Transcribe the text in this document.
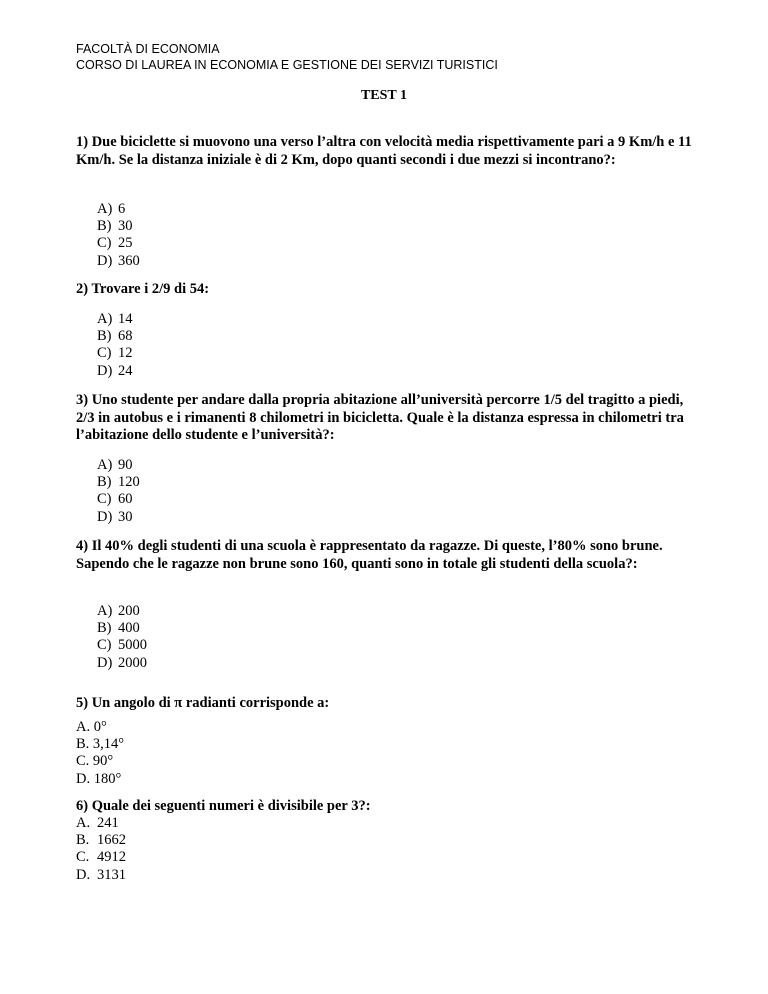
FACOLTÀ DI ECONOMIA
CORSO DI LAUREA IN ECONOMIA E GESTIONE DEI SERVIZI TURISTICI
TEST 1
1) Due biciclette si muovono una verso l’altra con velocità media rispettivamente pari a 9 Km/h e 11 Km/h. Se la distanza iniziale è di 2 Km, dopo quanti secondi i due mezzi si incontrano?:
A) 6
B) 30
C) 25
D) 360
2) Trovare i 2/9 di 54:
A) 14
B) 68
C) 12
D) 24
3) Uno studente per andare dalla propria abitazione all’università percorre 1/5 del tragitto a piedi, 2/3 in autobus e i rimanenti 8 chilometri in bicicletta. Quale è la distanza espressa in chilometri tra l’abitazione dello studente e l’università?:
A) 90
B) 120
C) 60
D) 30
4) Il 40% degli studenti di una scuola è rappresentato da ragazze. Di queste, l’80% sono brune. Sapendo che le ragazze non brune sono 160, quanti sono in totale gli studenti della scuola?:
A) 200
B) 400
C) 5000
D) 2000
5) Un angolo di π radianti corrisponde a:
A. 0°
B. 3,14°
C. 90°
D. 180°
6) Quale dei seguenti numeri è divisibile per 3?:
A. 241
B. 1662
C. 4912
D. 3131
